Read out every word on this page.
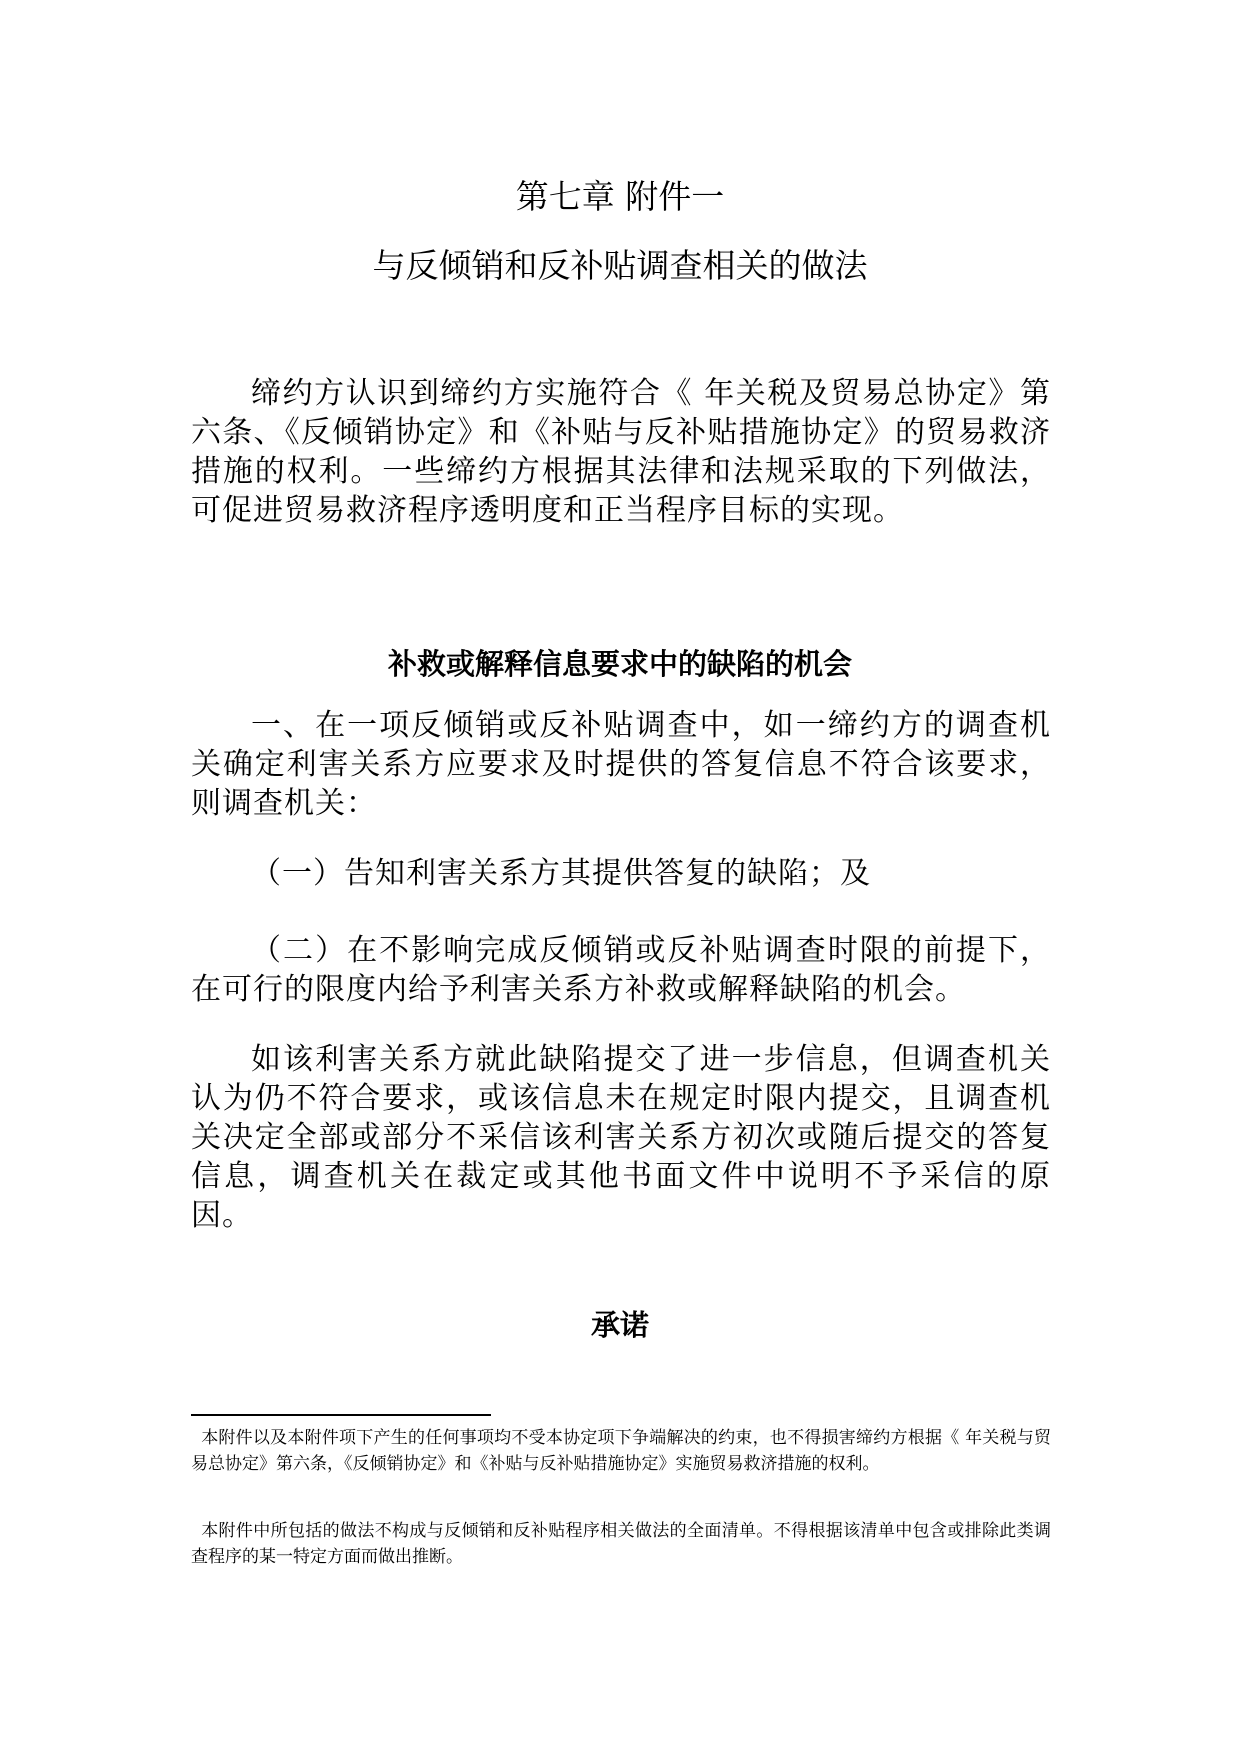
第七章 附件一
与反倾销和反补贴调查相关的做法
缔约方认识到缔约方实施符合《 年关税及贸易总协定》第六条、《反倾销协定》和《补贴与反补贴措施协定》的贸易救济措施的权利。一些缔约方根据其法律和法规采取的下列做法，可促进贸易救济程序透明度和正当程序目标的实现。
补救或解释信息要求中的缺陷的机会
一、在一项反倾销或反补贴调查中，如一缔约方的调查机关确定利害关系方应要求及时提供的答复信息不符合该要求，则调查机关：
（一）告知利害关系方其提供答复的缺陷；及
（二）在不影响完成反倾销或反补贴调查时限的前提下，在可行的限度内给予利害关系方补救或解释缺陷的机会。
如该利害关系方就此缺陷提交了进一步信息，但调查机关认为仍不符合要求，或该信息未在规定时限内提交，且调查机关决定全部或部分不采信该利害关系方初次或随后提交的答复信息，调查机关在裁定或其他书面文件中说明不予采信的原因。
承诺
本附件以及本附件项下产生的任何事项均不受本协定项下争端解决的约束，也不得损害缔约方根据《 年关税与贸易总协定》第六条，《反倾销协定》和《补贴与反补贴措施协定》实施贸易救济措施的权利。
本附件中所包括的做法不构成与反倾销和反补贴程序相关做法的全面清单。不得根据该清单中包含或排除此类调查程序的某一特定方面而做出推断。
